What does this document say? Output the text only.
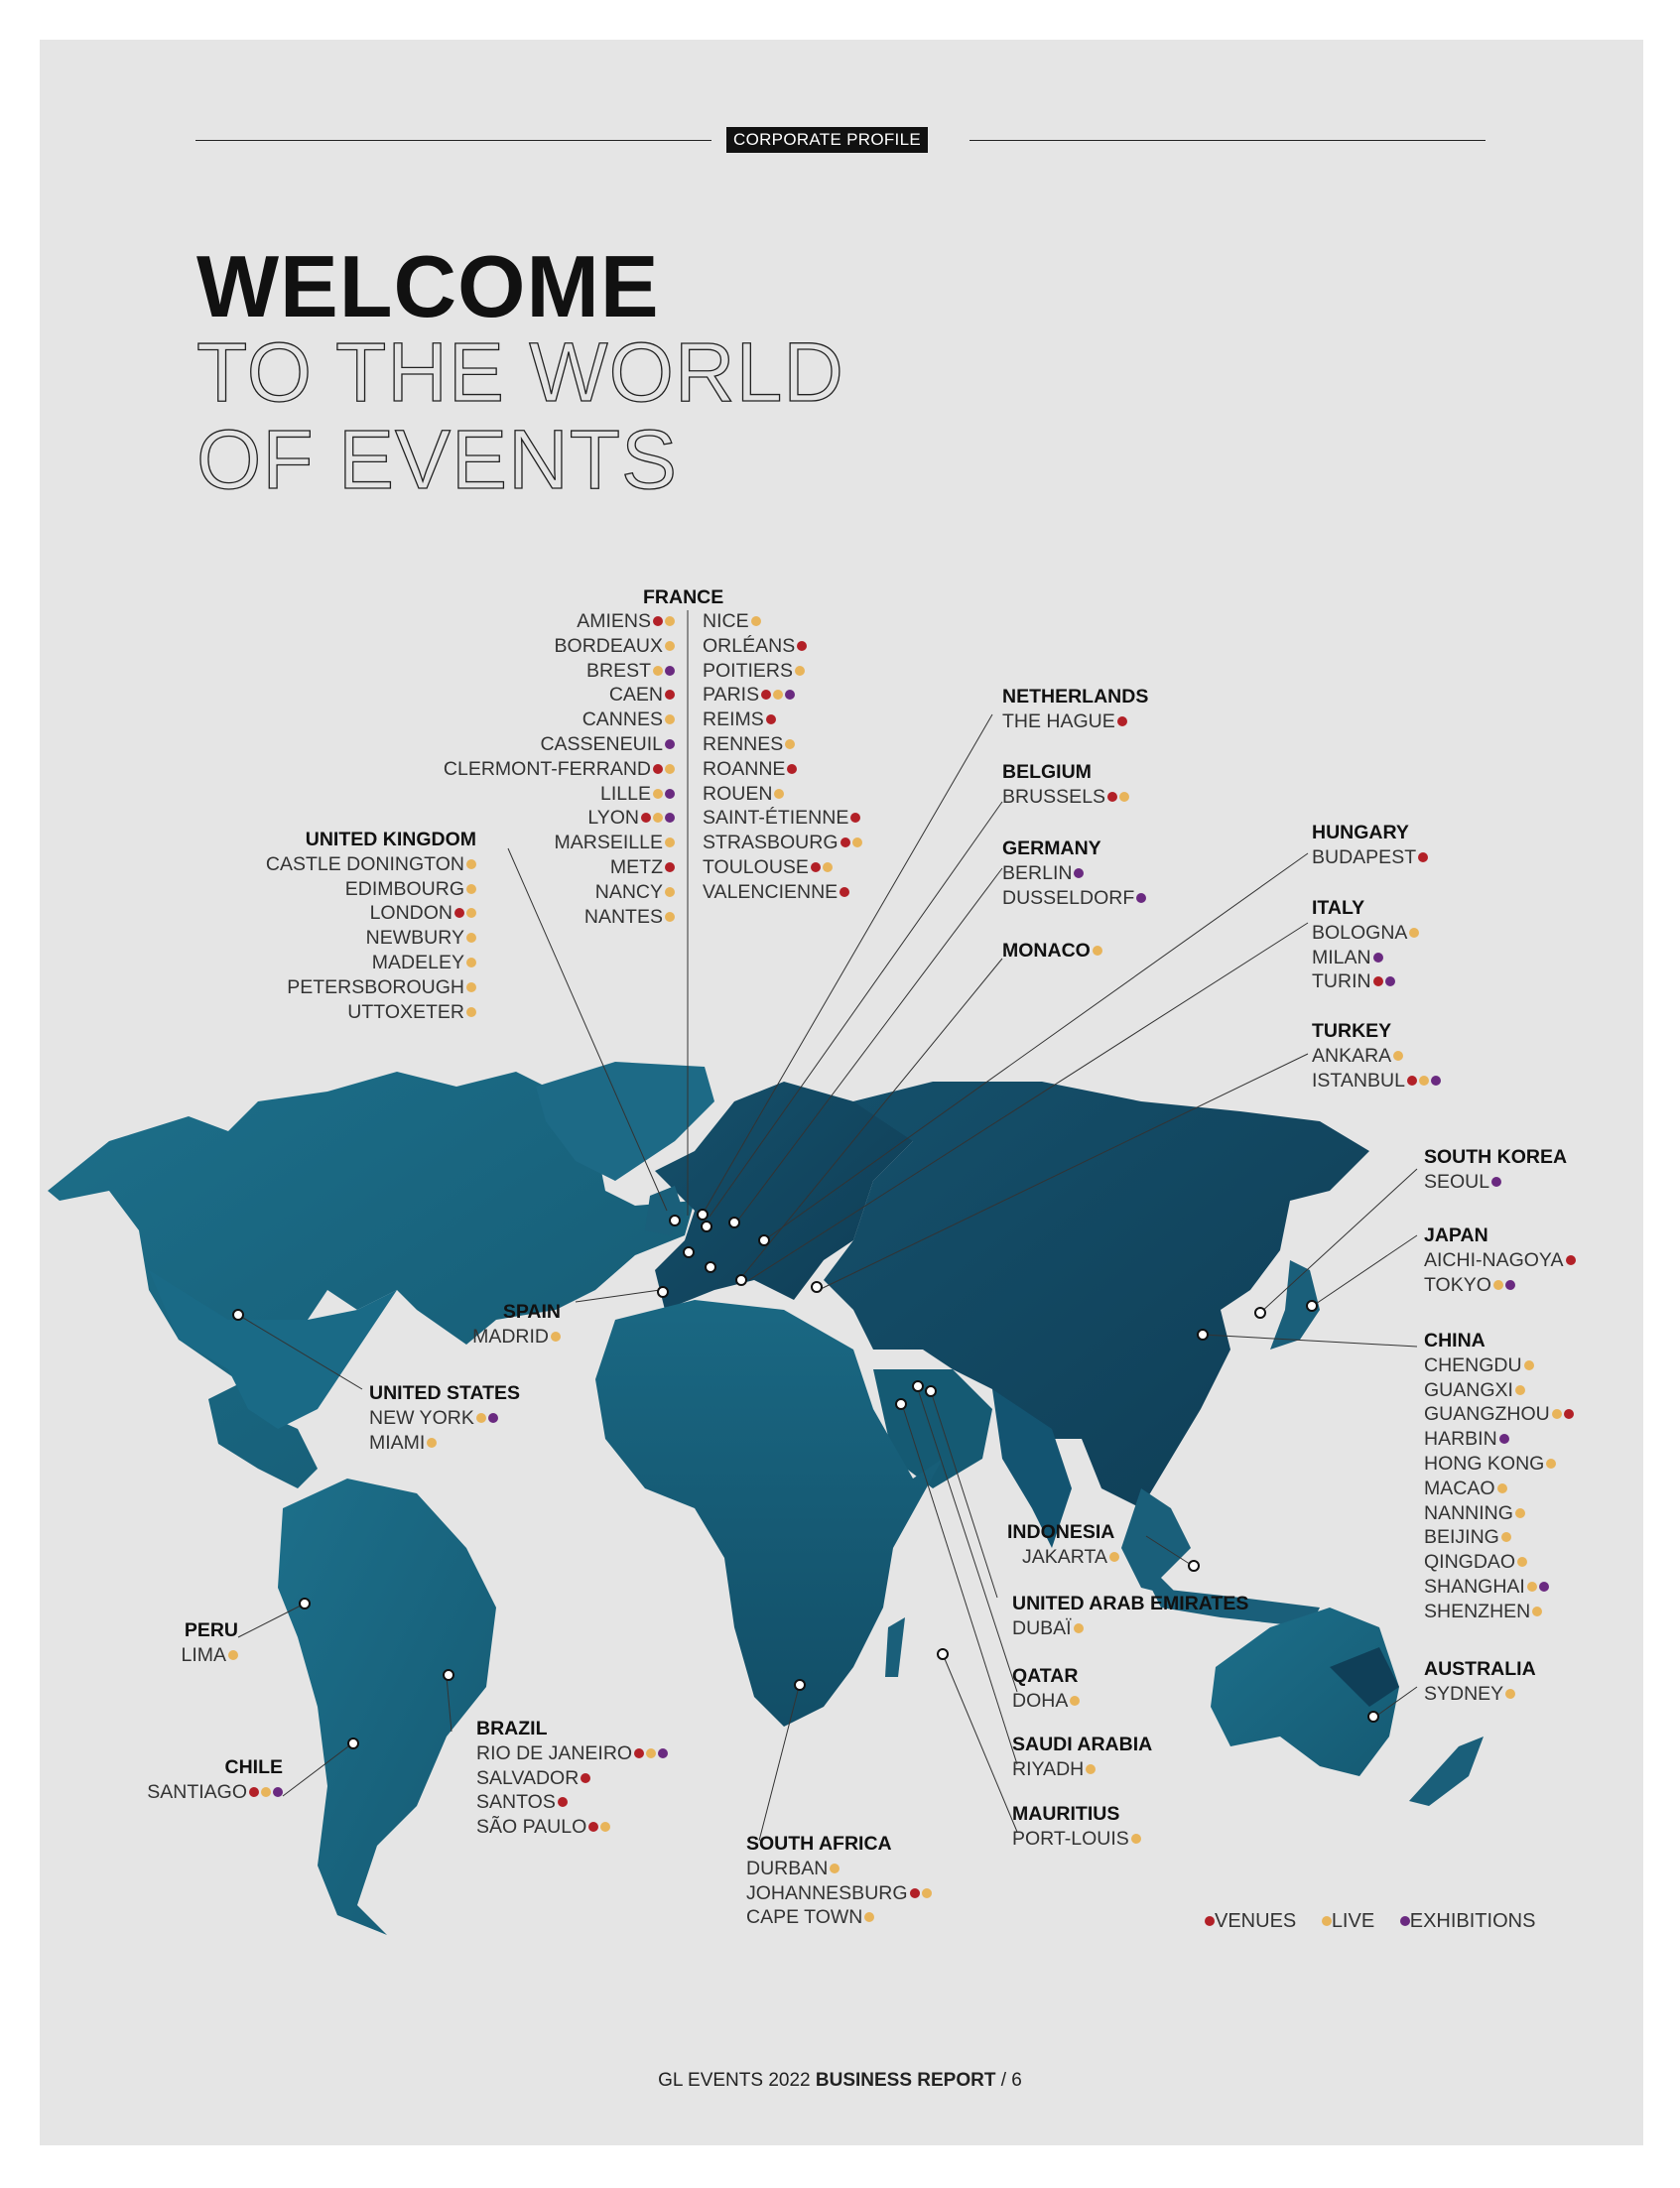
CORPORATE PROFILE
WELCOME
TO THE WORLD
OF EVENTS
FRANCE
AMIENS
BORDEAUX
BREST
CAEN
CANNES
CASSENEUIL
CLERMONT-FERRAND
LILLE
LYON
MARSEILLE
METZ
NANCY
NANTES
NICE
ORLÉANS
POITIERS
PARIS
REIMS
RENNES
ROANNE
ROUEN
SAINT-ÉTIENNE
STRASBOURG
TOULOUSE
VALENCIENNE
UNITED KINGDOM
CASTLE DONINGTON
EDIMBOURG
LONDON
NEWBURY
MADELEY
PETERSBOROUGH
UTTOXETER
NETHERLANDS
THE HAGUE
BELGIUM
BRUSSELS
GERMANY
BERLIN
DUSSELDORF
MONACO
HUNGARY
BUDAPEST
ITALY
BOLOGNA
MILAN
TURIN
TURKEY
ANKARA
ISTANBUL
SOUTH KOREA
SEOUL
JAPAN
AICHI-NAGOYA
TOKYO
CHINA
CHENGDU
GUANGXI
GUANGZHOU
HARBIN
HONG KONG
MACAO
NANNING
BEIJING
QINGDAO
SHANGHAI
SHENZHEN
SPAIN
MADRID
UNITED STATES
NEW YORK
MIAMI
INDONESIA
JAKARTA
UNITED ARAB EMIRATES
DUBAÏ
QATAR
DOHA
SAUDI ARABIA
RIYADH
MAURITIUS
PORT-LOUIS
AUSTRALIA
SYDNEY
PERU
LIMA
CHILE
SANTIAGO
BRAZIL
RIO DE JANEIRO
SALVADOR
SANTOS
SÃO PAULO
SOUTH AFRICA
DURBAN
JOHANNESBURG
CAPE TOWN	VENUES LIVE EXHIBITIONS
GL EVENTS 2022 BUSINESS REPORT / 6
